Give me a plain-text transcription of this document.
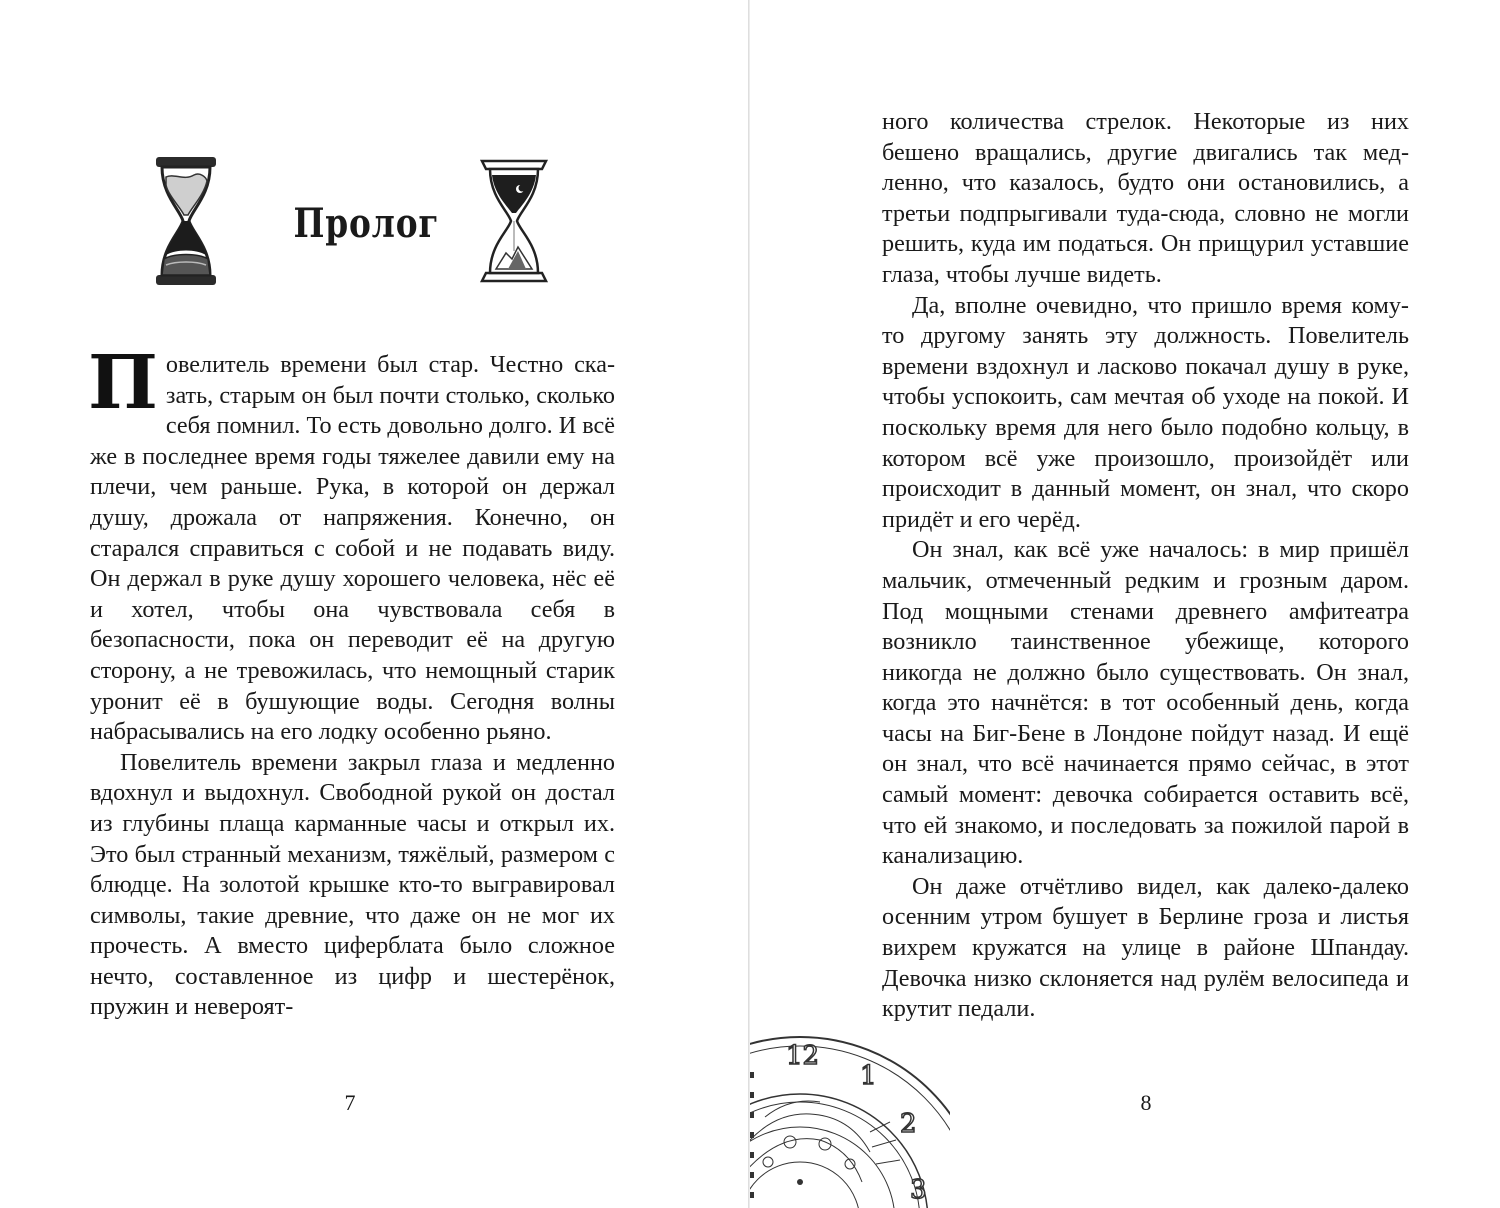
Пролог

Повелитель времени был стар. Честно сказать, старым он был почти столько, сколько себя помнил. То есть довольно долго. И всё же в последнее время годы тяжелее давили ему на плечи, чем раньше. Рука, в которой он держал душу, дрожала от напряжения. Конечно, он старался справиться с собой и не подавать виду. Он держал в руке душу хорошего человека, нёс её и хотел, чтобы она чувствовала себя в безопасности, пока он переводит её на другую сторону, а не тревожилась, что немощный старик уронит её в бушующие воды. Сегодня волны набрасывались на его лодку особенно рьяно.

Повелитель времени закрыл глаза и медленно вдохнул и выдохнул. Свободной рукой он достал из глубины плаща карманные часы и открыл их. Это был странный механизм, тяжёлый, размером с блюдце. На золотой крышке кто-то выгравировал символы, такие древние, что даже он не мог их прочесть. А вместо циферблата было сложное нечто, составленное из цифр и шестерёнок, пружин и невероят-

7
12
1
2
3

ного количества стрелок. Некоторые из них бешено вращались, другие двигались так медленно, что казалось, будто они остановились, а третьи подпрыгивали туда-сюда, словно не могли решить, куда им податься. Он прищурил уставшие глаза, чтобы лучше видеть.

Да, вполне очевидно, что пришло время кому-то другому занять эту должность. Повелитель времени вздохнул и ласково покачал душу в руке, чтобы успокоить, сам мечтая об уходе на покой. И поскольку время для него было подобно кольцу, в котором всё уже произошло, произойдёт или происходит в данный момент, он знал, что скоро придёт и его черёд.

Он знал, как всё уже началось: в мир пришёл мальчик, отмеченный редким и грозным даром. Под мощными стенами древнего амфитеатра возникло таинственное убежище, которого никогда не должно было существовать. Он знал, когда это начнётся: в тот особенный день, когда часы на Биг-Бене в Лондоне пойдут назад. И ещё он знал, что всё начинается прямо сейчас, в этот самый момент: девочка собирается оставить всё, что ей знакомо, и последовать за пожилой парой в канализацию.

Он даже отчётливо видел, как далеко-далеко осенним утром бушует в Берлине гроза и листья вихрем кружатся на улице в районе Шпандау. Девочка низко склоняется над рулём велосипеда и крутит педали.

8
